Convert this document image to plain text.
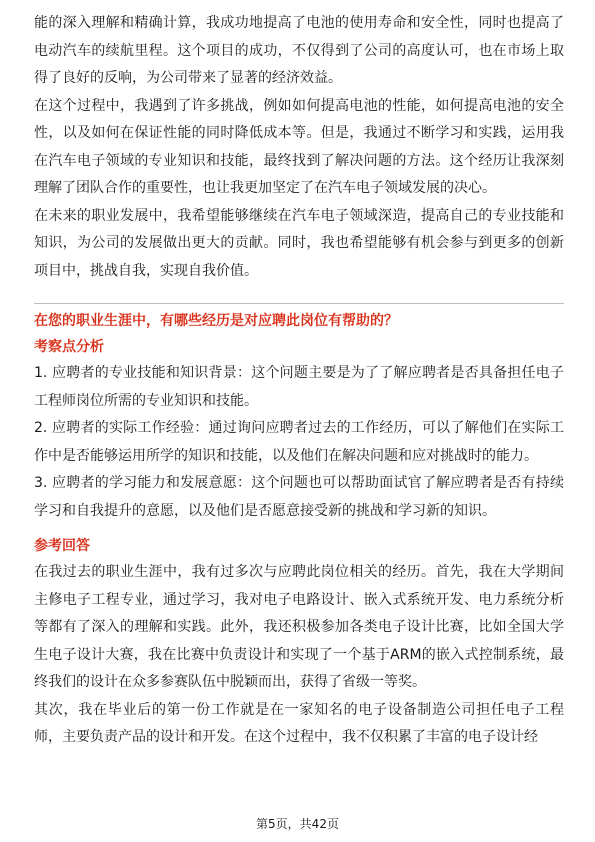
能的深入理解和精确计算，我成功地提高了电池的使用寿命和安全性，同时也提高了电动汽车的续航里程。这个项目的成功，不仅得到了公司的高度认可，也在市场上取得了良好的反响，为公司带来了显著的经济效益。

在这个过程中，我遇到了许多挑战，例如如何提高电池的性能，如何提高电池的安全性，以及如何在保证性能的同时降低成本等。但是，我通过不断学习和实践，运用我在汽车电子领域的专业知识和技能，最终找到了解决问题的方法。这个经历让我深刻理解了团队合作的重要性，也让我更加坚定了在汽车电子领域发展的决心。

在未来的职业发展中，我希望能够继续在汽车电子领域深造，提高自己的专业技能和知识，为公司的发展做出更大的贡献。同时，我也希望能够有机会参与到更多的创新项目中，挑战自我，实现自我价值。

在您的职业生涯中，有哪些经历是对应聘此岗位有帮助的？

考察点分析

1. 应聘者的专业技能和知识背景：这个问题主要是为了了解应聘者是否具备担任电子工程师岗位所需的专业知识和技能。

2. 应聘者的实际工作经验：通过询问应聘者过去的工作经历，可以了解他们在实际工作中是否能够运用所学的知识和技能，以及他们在解决问题和应对挑战时的能力。

3. 应聘者的学习能力和发展意愿：这个问题也可以帮助面试官了解应聘者是否有持续学习和自我提升的意愿，以及他们是否愿意接受新的挑战和学习新的知识。

参考回答

在我过去的职业生涯中，我有过多次与应聘此岗位相关的经历。首先，我在大学期间主修电子工程专业，通过学习，我对电子电路设计、嵌入式系统开发、电力系统分析等都有了深入的理解和实践。此外，我还积极参加各类电子设计比赛，比如全国大学生电子设计大赛，我在比赛中负责设计和实现了一个基于ARM的嵌入式控制系统，最终我们的设计在众多参赛队伍中脱颖而出，获得了省级一等奖。

其次，我在毕业后的第一份工作就是在一家知名的电子设备制造公司担任电子工程师，主要负责产品的设计和开发。在这个过程中，我不仅积累了丰富的电子设计经

第5页，共42页
